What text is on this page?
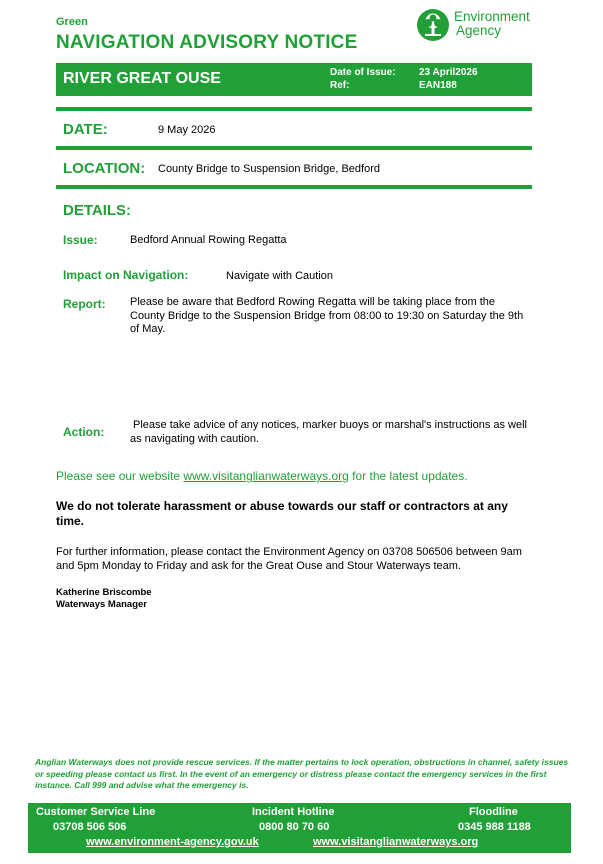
Green
NAVIGATION ADVISORY NOTICE
Environment
Agency
RIVER GREAT OUSE	Date of Issue: 23 April2026
Ref:	EAN188
DATE:	9 May 2026
LOCATION: County Bridge to Suspension Bridge, Bedford
DETAILS:
Issue:	Bedford Annual Rowing Regatta
Impact on Navigation:	Navigate with Caution
Report: Please be aware that Bedford Rowing Regatta will be taking place from the County Bridge to the Suspension Bridge from 08:00 to 19:30 on Saturday the 9th of May.
Action:	Please take advice of any notices, marker buoys or marshal's instructions as well as navigating with caution.
Please see our website www.visitanglianwaterways.org for the latest updates.
We do not tolerate harassment or abuse towards our staff or contractors at any time.
For further information, please contact the Environment Agency on 03708 506506 between 9am and 5pm Monday to Friday and ask for the Great Ouse and Stour Waterways team.
Katherine Briscombe
Waterways Manager
Anglian Waterways does not provide rescue services. If the matter pertains to lock operation, obstructions in channel, safety issues or speeding please contact us first. In the event of an emergency or distress please contact the emergency services in the first instance. Call 999 and advise what the emergency is.
Customer Service Line
03708 506 506
Incident Hotline
0800 80 70 60
Floodline
0345 988 1188
www.environment-agency.gov.uk	www.visitanglianwaterways.org
